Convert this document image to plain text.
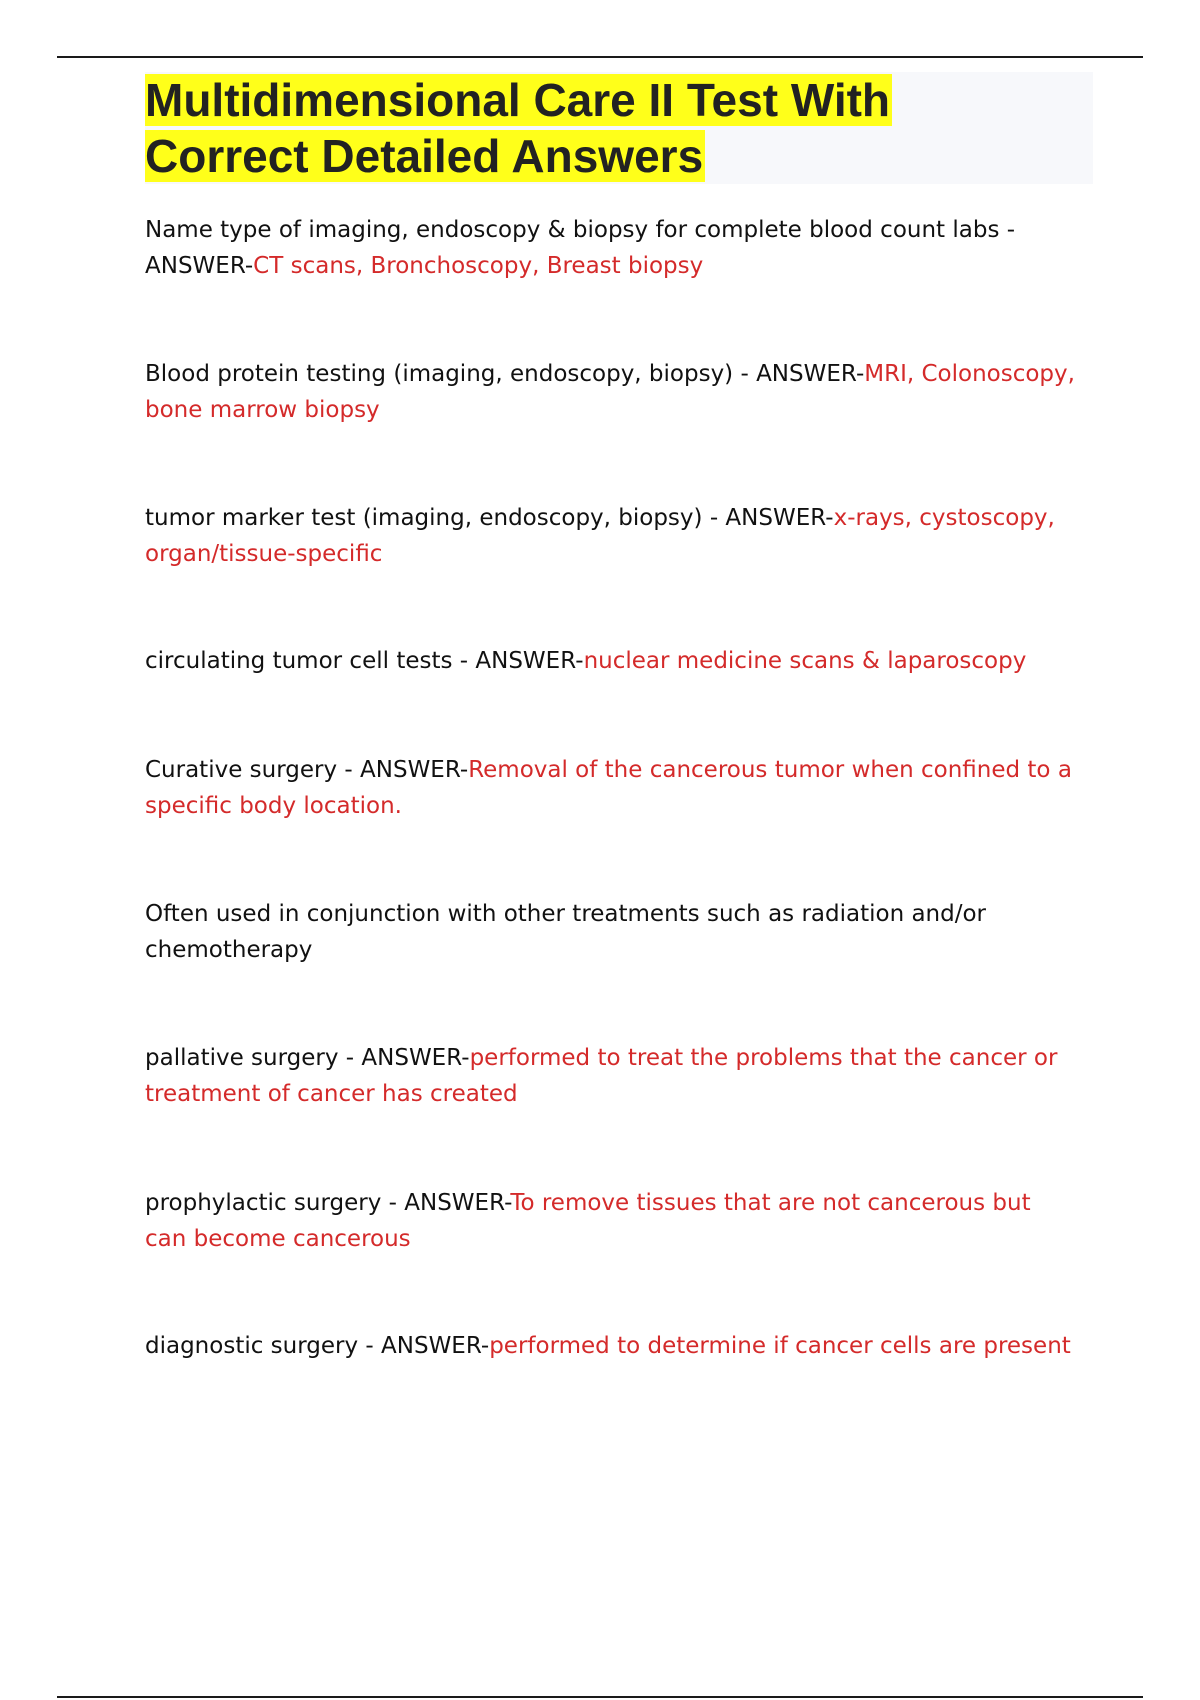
Multidimensional Care II Test With
Correct Detailed Answers

Name type of imaging, endoscopy & biopsy for complete blood count labs - ANSWER-CT scans, Bronchoscopy, Breast biopsy

Blood protein testing (imaging, endoscopy, biopsy) - ANSWER-MRI, Colonoscopy, bone marrow biopsy

tumor marker test (imaging, endoscopy, biopsy) - ANSWER-x-rays, cystoscopy, organ/tissue-specific

circulating tumor cell tests - ANSWER-nuclear medicine scans & laparoscopy

Curative surgery - ANSWER-Removal of the cancerous tumor when confined to a specific body location.

Often used in conjunction with other treatments such as radiation and/or chemotherapy

pallative surgery - ANSWER-performed to treat the problems that the cancer or treatment of cancer has created

prophylactic surgery - ANSWER-To remove tissues that are not cancerous but can become cancerous

diagnostic surgery - ANSWER-performed to determine if cancer cells are present
